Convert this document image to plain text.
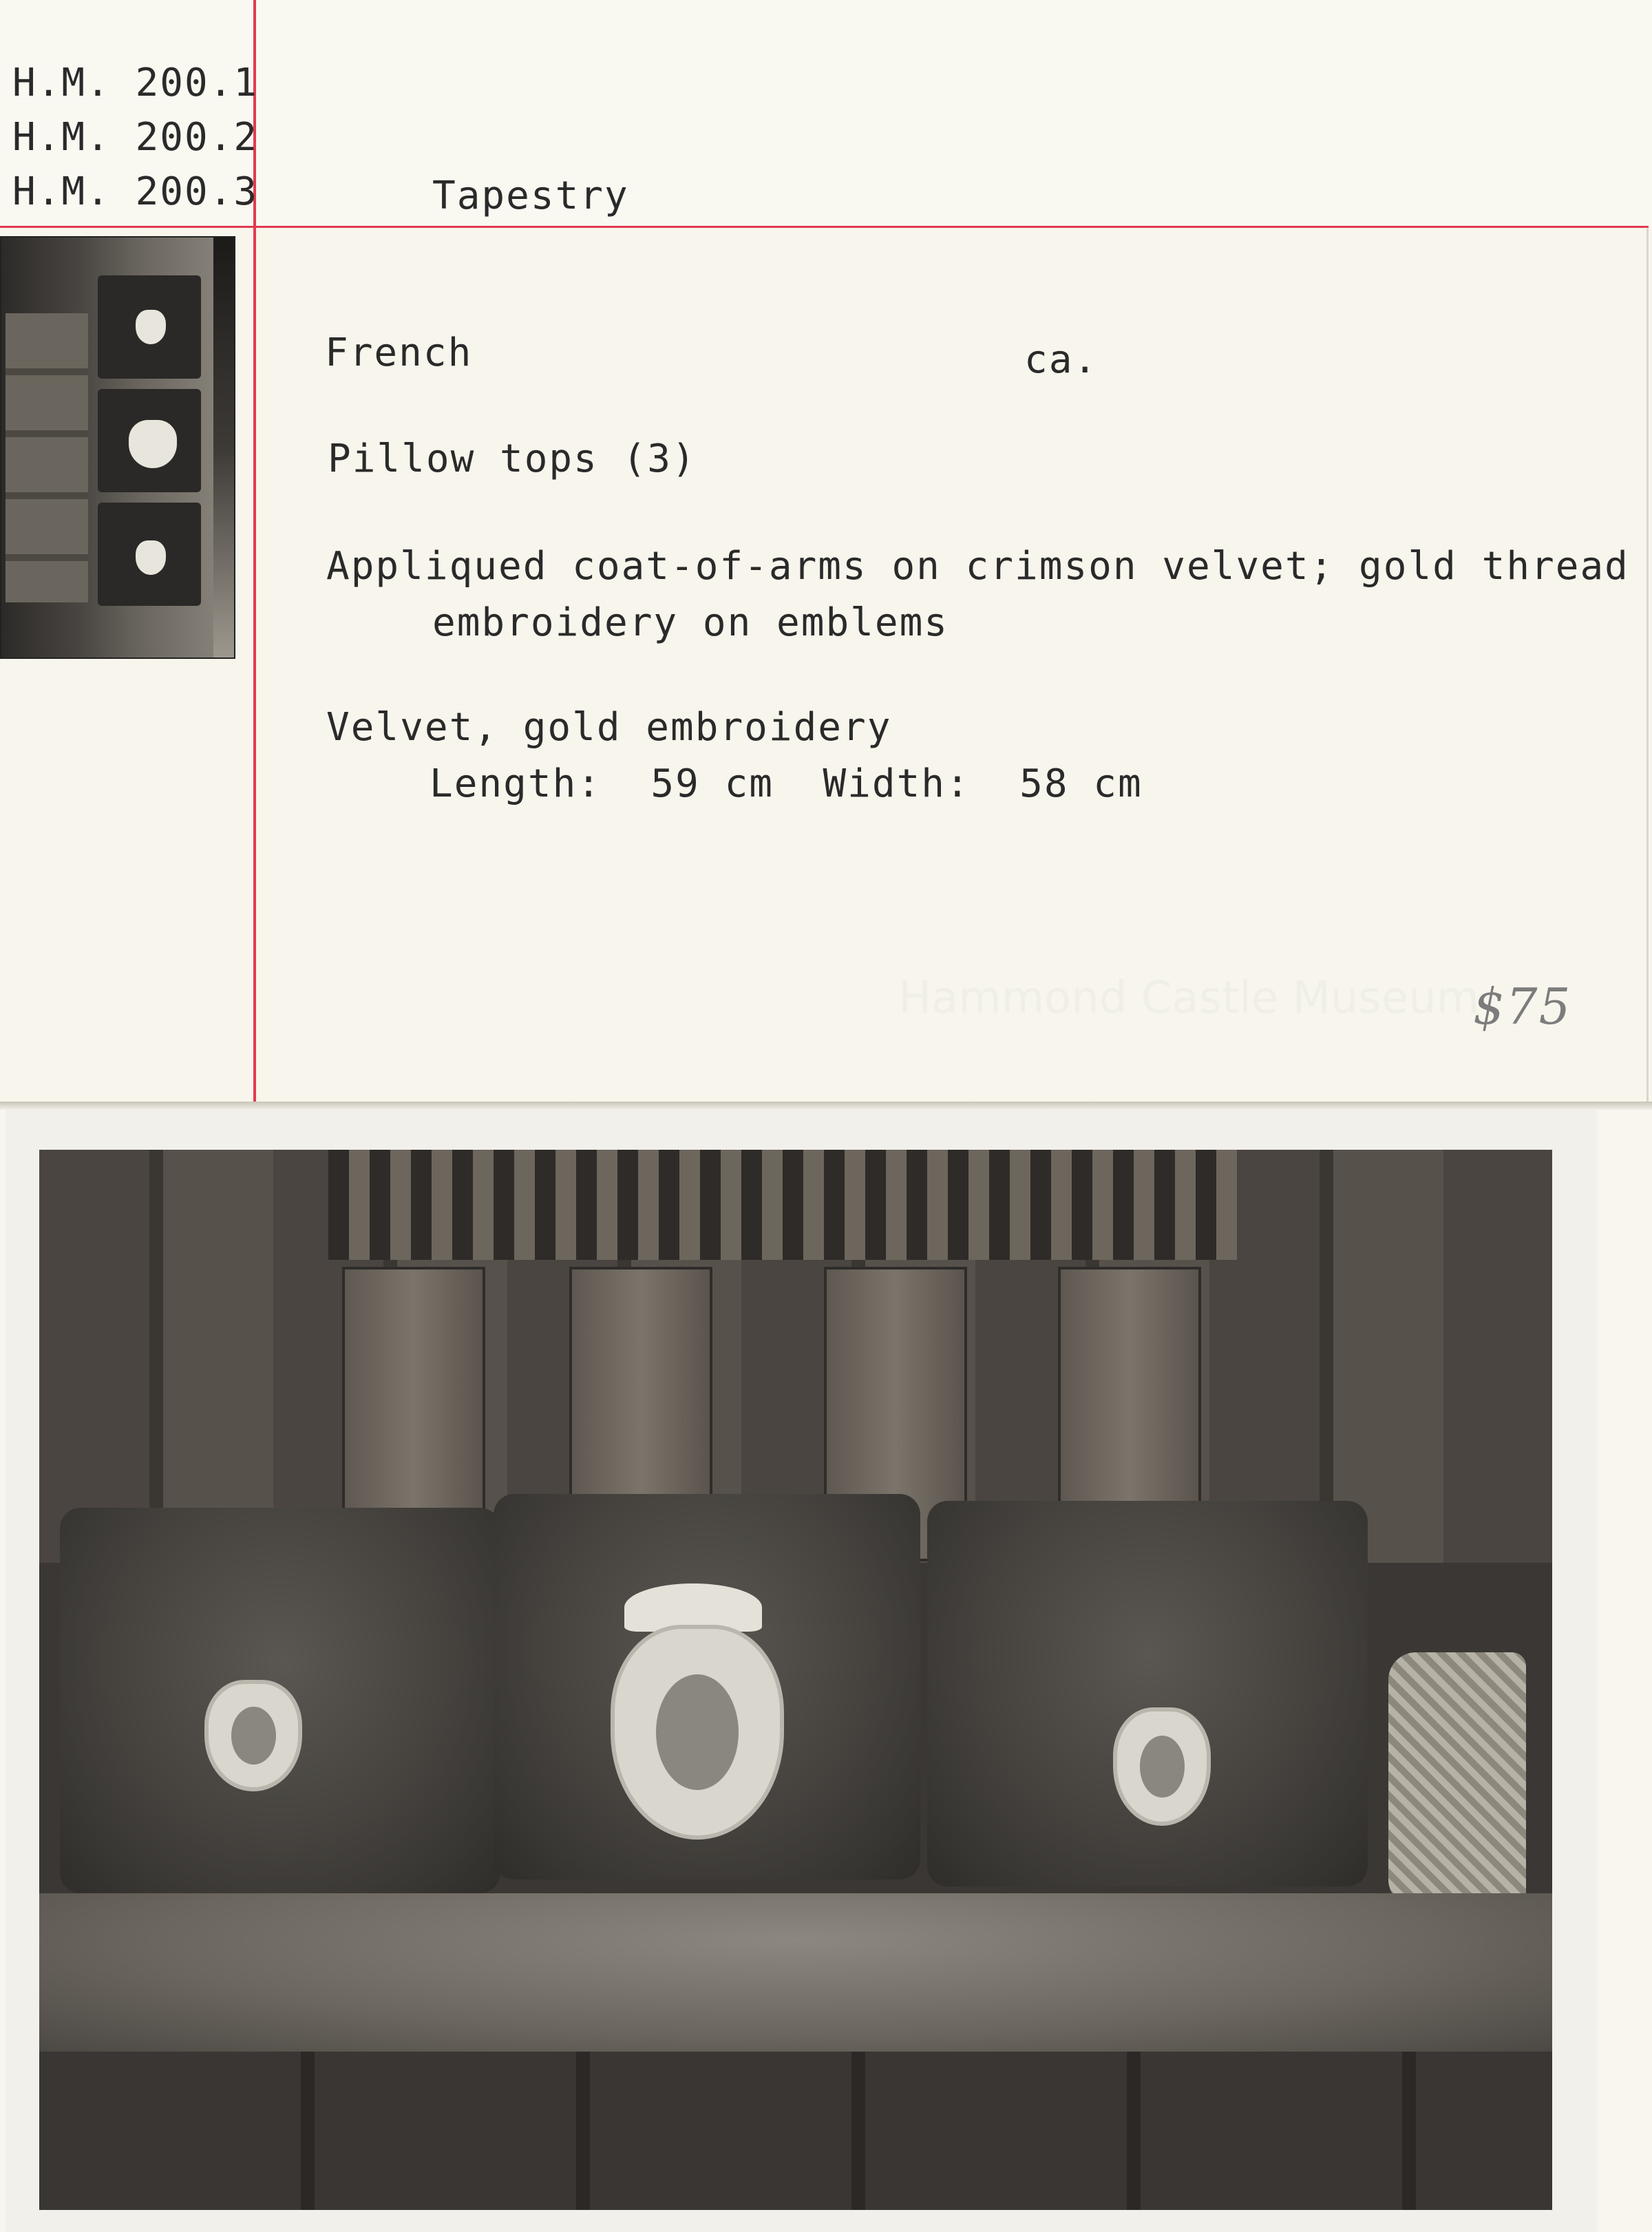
H.M. 200.1
H.M. 200.2
H.M. 200.3	Tapestry
French	ca.
Pillow tops (3)
Appliqued coat-of-arms on crimson velvet; gold thread
embroidery on emblems
Velvet, gold embroidery
Length:  59 cm  Width:  58 cm
$75
Hammond Castle Museum
